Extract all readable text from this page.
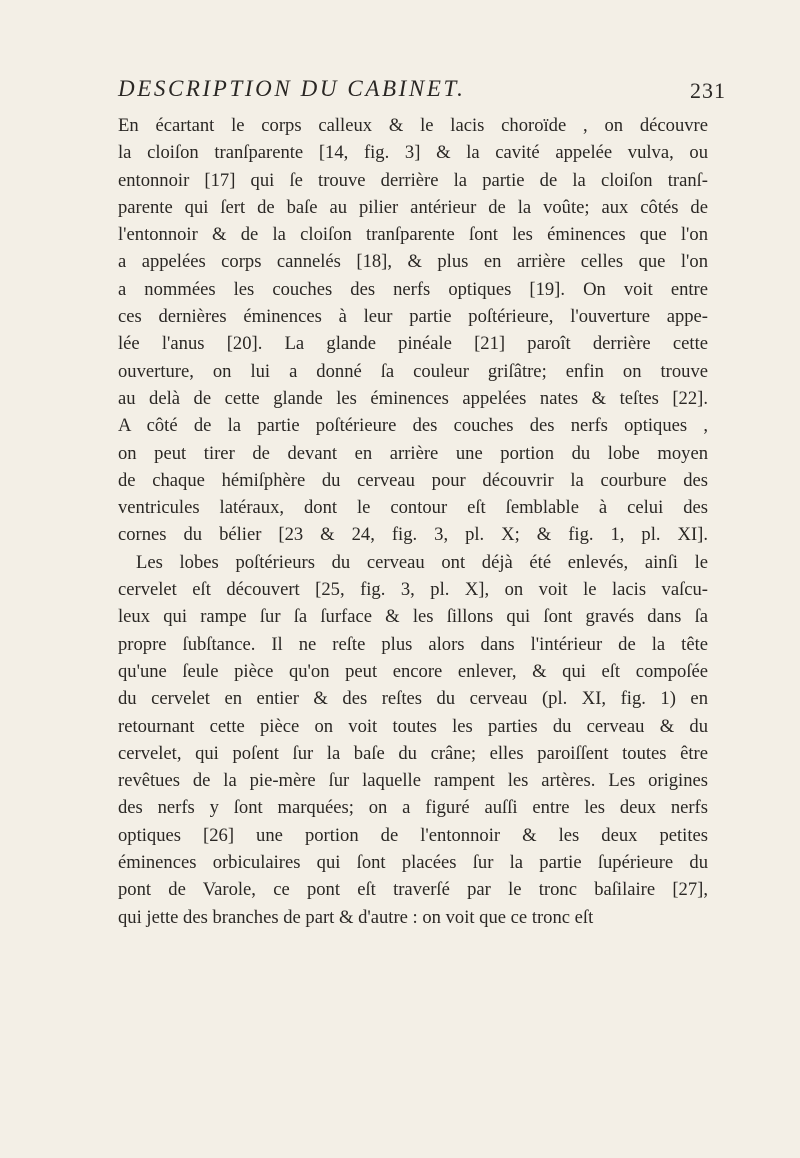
DESCRIPTION DU CABINET.	231
En écartant le corps calleux & le lacis choroïde , on découvre
la cloiſon tranſparente [14, fig. 3] & la cavité appelée vulva, ou
entonnoir [17] qui ſe trouve derrière la partie de la cloiſon tranſ-
parente qui ſert de baſe au pilier antérieur de la voûte; aux côtés de
l'entonnoir & de la cloiſon tranſparente ſont les éminences que l'on
a appelées corps cannelés [18], & plus en arrière celles que l'on
a nommées les couches des nerfs optiques [19]. On voit entre
ces dernières éminences à leur partie poſtérieure, l'ouverture appe-
lée l'anus [20]. La glande pinéale [21] paroît derrière cette
ouverture, on lui a donné ſa couleur griſâtre; enfin on trouve
au delà de cette glande les éminences appelées nates & teſtes [22].
A côté de la partie poſtérieure des couches des nerfs optiques ,
on peut tirer de devant en arrière une portion du lobe moyen
de chaque hémiſphère du cerveau pour découvrir la courbure des
ventricules latéraux, dont le contour eſt ſemblable à celui des
cornes du bélier [23 & 24, fig. 3, pl. X; & fig. 1, pl. XI].
Les lobes poſtérieurs du cerveau ont déjà été enlevés, ainſi le
cervelet eſt découvert [25, fig. 3, pl. X], on voit le lacis vaſcu-
leux qui rampe ſur ſa ſurface & les ſillons qui ſont gravés dans ſa
propre ſubſtance. Il ne reſte plus alors dans l'intérieur de la tête
qu'une ſeule pièce qu'on peut encore enlever, & qui eſt compoſée
du cervelet en entier & des reſtes du cerveau (pl. XI, fig. 1) en
retournant cette pièce on voit toutes les parties du cerveau & du
cervelet, qui poſent ſur la baſe du crâne; elles paroiſſent toutes être
revêtues de la pie-mère ſur laquelle rampent les artères. Les origines
des nerfs y ſont marquées; on a figuré auſſi entre les deux nerfs
optiques [26] une portion de l'entonnoir & les deux petites
éminences orbiculaires qui ſont placées ſur la partie ſupérieure du
pont de Varole, ce pont eſt traverſé par le tronc baſilaire [27],
qui jette des branches de part & d'autre : on voit que ce tronc eſt
